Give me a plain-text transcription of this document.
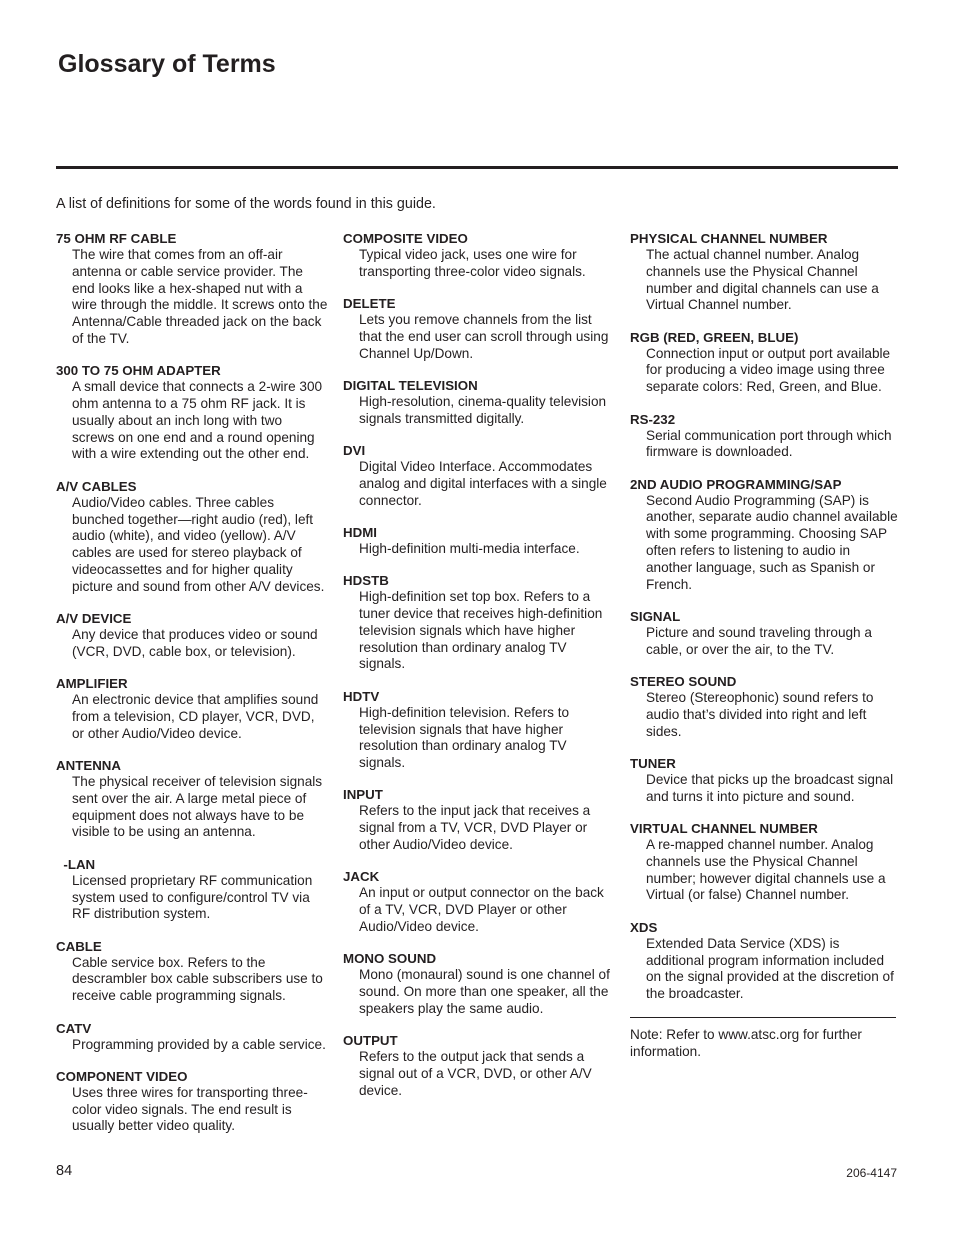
Glossary of Terms
A list of definitions for some of the words found in this guide.
75 OHM RF CABLE
The wire that comes from an off-air antenna or cable service provider. The end looks like a hex-shaped nut with a wire through the middle. It screws onto the Antenna/Cable threaded jack on the back of the TV.
300 TO 75 OHM ADAPTER
A small device that connects a 2-wire 300 ohm antenna to a 75 ohm RF jack. It is usually about an inch long with two screws on one end and a round opening with a wire extending out the other end.
A/V CABLES
Audio/Video cables. Three cables bunched together—right audio (red), left audio (white), and video (yellow). A/V cables are used for stereo playback of videocassettes and for higher quality picture and sound from other A/V devices.
A/V DEVICE
Any device that produces video or sound (VCR, DVD, cable box, or television).
AMPLIFIER
An electronic device that amplifies sound from a television, CD player, VCR, DVD, or other Audio/Video device.
ANTENNA
The physical receiver of television signals sent over the air. A large metal piece of equipment does not always have to be visible to be using an antenna.
-LAN
Licensed proprietary RF communication system used to configure/control TV via RF distribution system.
CABLE
Cable service box. Refers to the descrambler box cable subscribers use to receive cable programming signals.
CATV
Programming provided by a cable service.
COMPONENT VIDEO
Uses three wires for transporting three-color video signals. The end result is usually better video quality.
COMPOSITE VIDEO
Typical video jack, uses one wire for transporting three-color video signals.
DELETE
Lets you remove channels from the list that the end user can scroll through using Channel Up/Down.
DIGITAL TELEVISION
High-resolution, cinema-quality television signals transmitted digitally.
DVI
Digital Video Interface. Accommodates analog and digital interfaces with a single connector.
HDMI
High-definition multi-media interface.
HDSTB
High-definition set top box. Refers to a tuner device that receives high-definition television signals which have higher resolution than ordinary analog TV signals.
HDTV
High-definition television. Refers to television signals that have higher resolution than ordinary analog TV signals.
INPUT
Refers to the input jack that receives a signal from a TV, VCR, DVD Player or other Audio/Video device.
JACK
An input or output connector on the back of a TV, VCR, DVD Player or other Audio/Video device.
MONO SOUND
Mono (monaural) sound is one channel of sound. On more than one speaker, all the speakers play the same audio.
OUTPUT
Refers to the output jack that sends a signal out of a VCR, DVD, or other A/V device.
PHYSICAL CHANNEL NUMBER
The actual channel number. Analog channels use the Physical Channel number and digital channels can use a Virtual Channel number.
RGB (RED, GREEN, BLUE)
Connection input or output port available for producing a video image using three separate colors: Red, Green, and Blue.
RS-232
Serial communication port through which firmware is downloaded.
2ND AUDIO PROGRAMMING/SAP
Second Audio Programming (SAP) is another, separate audio channel available with some programming. Choosing SAP often refers to listening to audio in another language, such as Spanish or French.
SIGNAL
Picture and sound traveling through a cable, or over the air, to the TV.
STEREO SOUND
Stereo (Stereophonic) sound refers to audio that’s divided into right and left sides.
TUNER
Device that picks up the broadcast signal and turns it into picture and sound.
VIRTUAL CHANNEL NUMBER
A re-mapped channel number. Analog channels use the Physical Channel number; however digital channels use a Virtual (or false) Channel number.
XDS
Extended Data Service (XDS) is additional program information included on the signal provided at the discretion of the broadcaster.
Note: Refer to www.atsc.org for further information.
84	206-4147
